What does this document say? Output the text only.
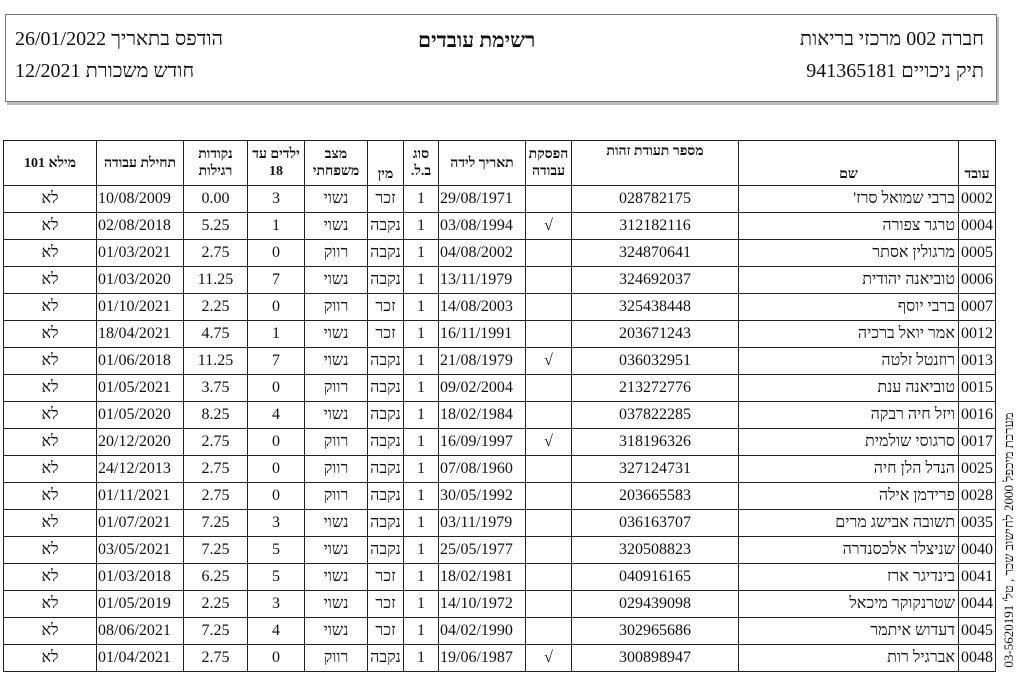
חברה 002 מרכזי בריאות
תיק ניכויים 941365181
רשימת עובדים
הודפס בתאריך 26/01/2022
חודש משכורת 12/2021
עובד	שם	מספר תעודת זהות	הפסקת עבודה	תאריך לידה	סוג ב.ל.	מין	מצב משפחתי	ילדים עד 18	נקודות רגילות	תחילת עבודה	מילא 101
0002	ברבי שמואל סרז'	028782175		29/08/1971	1	זכר	נשוי	3	0.00	10/08/2009	לא
0004	טרגר צפורה	312182116	√	03/08/1994	1	נקבה	נשוי	1	5.25	02/08/2018	לא
0005	מרגולין אסתר	324870641		04/08/2002	1	נקבה	רווק	0	2.75	01/03/2021	לא
0006	טוביאנה יהודית	324692037		13/11/1979	1	נקבה	נשוי	7	11.25	01/03/2020	לא
0007	ברבי יוסף	325438448		14/08/2003	1	זכר	רווק	0	2.25	01/10/2021	לא
0012	אמר יואל ברכיה	203671243		16/11/1991	1	זכר	נשוי	1	4.75	18/04/2021	לא
0013	רוזנטל זלטה	036032951	√	21/08/1979	1	נקבה	נשוי	7	11.25	01/06/2018	לא
0015	טוביאנה ענת	213272776		09/02/2004	1	נקבה	רווק	0	3.75	01/05/2021	לא
0016	ויזל חיה רבקה	037822285		18/02/1984	1	נקבה	נשוי	4	8.25	01/05/2020	לא
0017	סרגוסי שולמית	318196326	√	16/09/1997	1	נקבה	רווק	0	2.75	20/12/2020	לא
0025	הנדל הלן חיה	327124731		07/08/1960	1	נקבה	רווק	0	2.75	24/12/2013	לא
0028	פרידמן אילה	203665583		30/05/1992	1	נקבה	רווק	0	2.75	01/11/2021	לא
0035	תשובה אבישג מרים	036163707		03/11/1979	1	נקבה	נשוי	3	7.25	01/07/2021	לא
0040	שניצלר אלכסנדרה	320508823		25/05/1977	1	נקבה	נשוי	5	7.25	03/05/2021	לא
0041	בינדיגר ארז	040916165		18/02/1981	1	זכר	נשוי	5	6.25	01/03/2018	לא
0044	שטרנקוקר מיכאל	029439098		14/10/1972	1	זכר	נשוי	3	2.25	01/05/2019	לא
0045	דעדוש איתמר	302965686		04/02/1990	1	זכר	נשוי	4	7.25	08/06/2021	לא
0048	אברגיל רות	300898947	√	19/06/1987	1	נקבה	רווק	0	2.75	01/04/2021	לא	מערכת מיכפל 2000 לחישוב שכר , טל' 03-5620191
